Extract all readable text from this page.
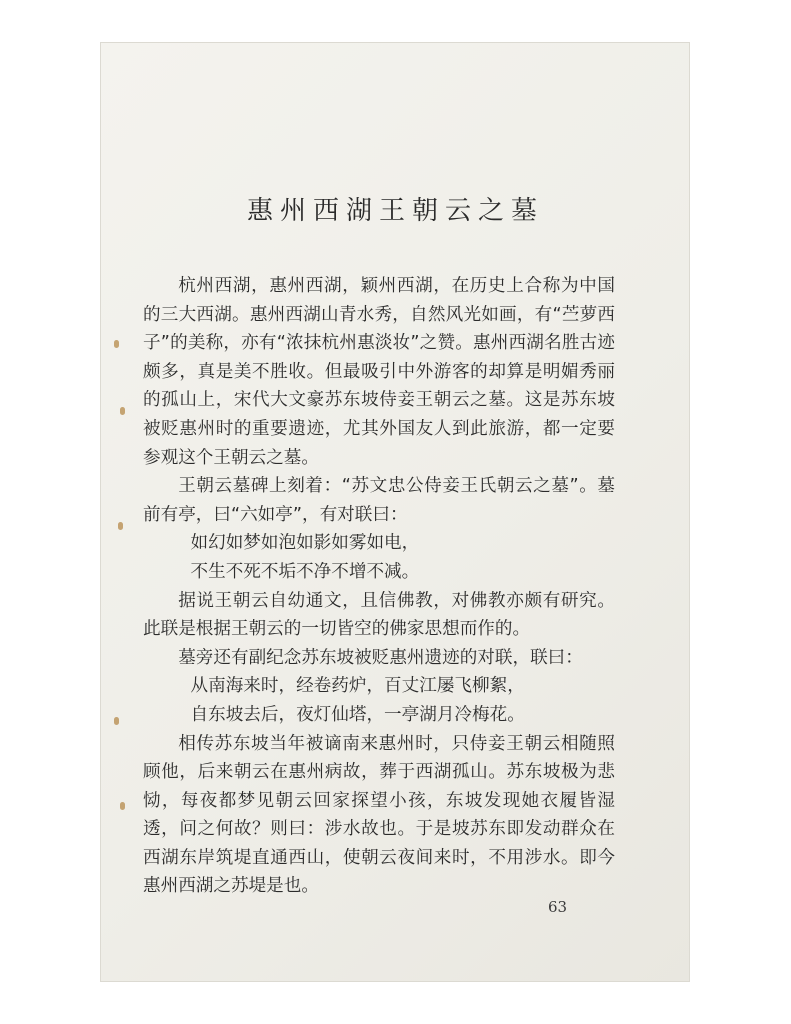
惠州西湖王朝云之墓

杭州西湖，惠州西湖，颖州西湖，在历史上合称为中国的三大西湖。惠州西湖山青水秀，自然风光如画，有“苎萝西子”的美称，亦有“浓抹杭州惠淡妆”之赞。惠州西湖名胜古迹颇多，真是美不胜收。但最吸引中外游客的却算是明媚秀丽的孤山上，宋代大文豪苏东坡侍妾王朝云之墓。这是苏东坡被贬惠州时的重要遗迹，尤其外国友人到此旅游，都一定要参观这个王朝云之墓。

王朝云墓碑上刻着：“苏文忠公侍妾王氏朝云之墓”。墓前有亭，曰“六如亭”，有对联曰：

如幻如梦如泡如影如雾如电，

不生不死不垢不净不增不减。

据说王朝云自幼通文，且信佛教，对佛教亦颇有研究。此联是根据王朝云的一切皆空的佛家思想而作的。

墓旁还有副纪念苏东坡被贬惠州遗迹的对联，联曰：

从南海来时，经卷药炉，百丈江屡飞柳絮，

自东坡去后，夜灯仙塔，一亭湖月冷梅花。

相传苏东坡当年被谪南来惠州时，只侍妾王朝云相随照顾他，后来朝云在惠州病故，葬于西湖孤山。苏东坡极为悲恸，每夜都梦见朝云回家探望小孩，东坡发现她衣履皆湿透，问之何故？则曰：涉水故也。于是坡苏东即发动群众在西湖东岸筑堤直通西山，使朝云夜间来时，不用涉水。即今惠州西湖之苏堤是也。

63
